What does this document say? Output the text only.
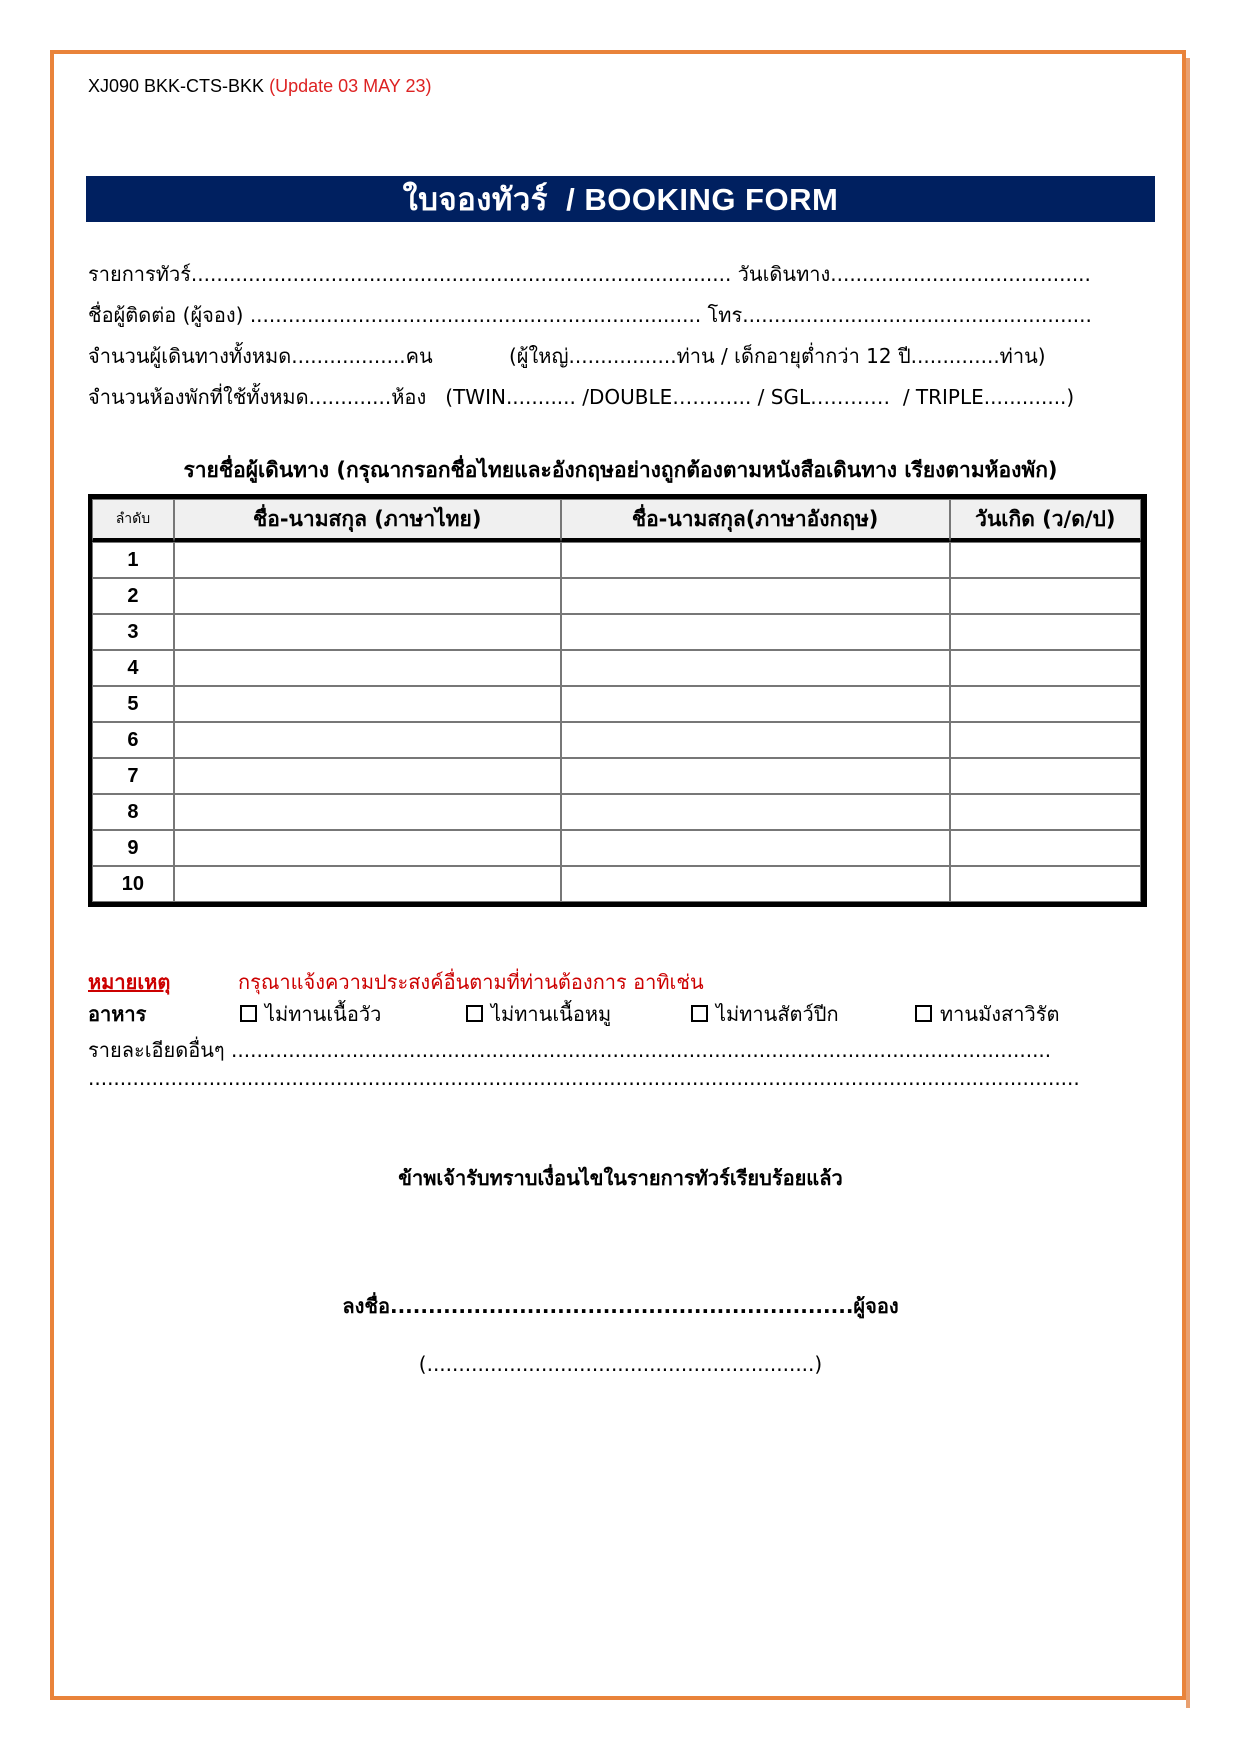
XJ090 BKK-CTS-BKK (Update 03 MAY 23)
ใบจองทัวร์  / BOOKING FORM
รายการทัวร์..................................................................................... วันเดินทาง.........................................
ชื่อผู้ติดต่อ (ผู้จอง) ....................................................................... โทร.......................................................
จำนวนผู้เดินทางทั้งหมด..................คน            (ผู้ใหญ่.................ท่าน / เด็กอายุต่ำกว่า 12 ปี..............ท่าน)
จำนวนห้องพักที่ใช้ทั้งหมด.............ห้อง   (TWIN........... /DOUBLE………... / SGL…………  / TRIPLE.............)
รายชื่อผู้เดินทาง (กรุณากรอกชื่อไทยและอังกฤษอย่างถูกต้องตามหนังสือเดินทาง เรียงตามห้องพัก)
ลำดับ	ชื่อ-นามสกุล (ภาษาไทย)	ชื่อ-นามสกุล(ภาษาอังกฤษ)	วันเกิด (ว/ด/ป)
1			
2			
3			
4			
5			
6			
7			
8			
9			
10			
หมายเหตุ	กรุณาแจ้งความประสงค์อื่นตามที่ท่านต้องการ อาทิเช่น
อาหาร	ไม่ทานเนื้อวัว	ไม่ทานเนื้อหมู	ไม่ทานสัตว์ปีก	ทานมังสาวิรัต
รายละเอียดอื่นๆ .................................................................................................................................
............................................................................................................................................................
ข้าพเจ้ารับทราบเงื่อนไขในรายการทัวร์เรียบร้อยแล้ว
ลงชื่อ.............................................................ผู้จอง
(.............................................................)
